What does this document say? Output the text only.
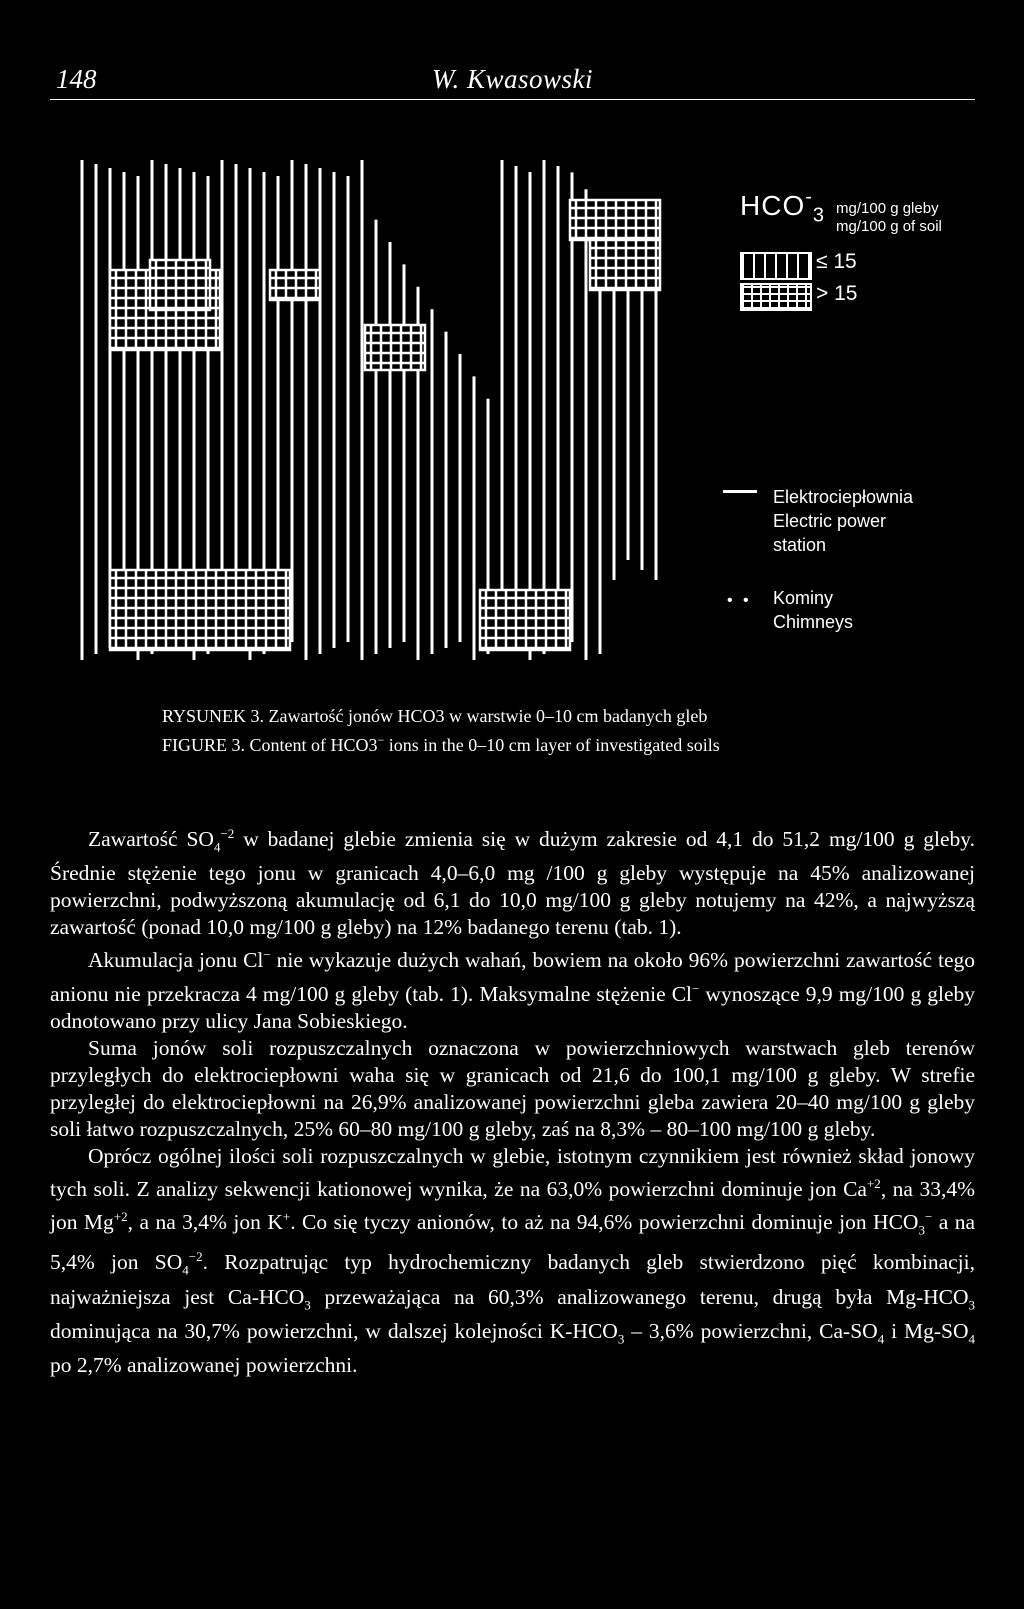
148	W. Kwasowski
$HCO^-_3$ mg/100 g gleby
mg/100 g of soil
≤ 15
> 15
Elektrociepłownia
Electric power
station
• • Kominy
Chimneys
RYSUNEK 3. Zawartość jonów HCO3 w warstwie 0–10 cm badanych gleb
FIGURE 3. Content of HCO3− ions in the 0–10 cm layer of investigated soils

Zawartość $SO_4^{-2}$ w badanej glebie zmienia się w dużym zakresie od 4,1 do 51,2 mg/100 g gleby. Średnie stężenie tego jonu w granicach 4,0–6,0 mg /100 g gleby występuje na 45% analizowanej powierzchni, podwyższoną akumulację od 6,1 do 10,0 mg/100 g gleby notujemy na 42%, a najwyższą zawartość (ponad 10,0 mg/100 g gleby) na 12% badanego terenu (tab. 1).

Akumulacja jonu Cl− nie wykazuje dużych wahań, bowiem na około 96% powierzchni zawartość tego anionu nie przekracza 4 mg/100 g gleby (tab. 1). Maksymalne stężenie Cl− wynoszące 9,9 mg/100 g gleby odnotowano przy ulicy Jana Sobieskiego.

Suma jonów soli rozpuszczalnych oznaczona w powierzchniowych warstwach gleb terenów przyległych do elektrociepłowni waha się w granicach od 21,6 do 100,1 mg/100 g gleby. W strefie przyległej do elektrociepłowni na 26,9% analizowanej powierzchni gleba zawiera 20–40 mg/100 g gleby soli łatwo rozpuszczalnych, 25% 60–80 mg/100 g gleby, zaś na 8,3% – 80–100 mg/100 g gleby.

Oprócz ogólnej ilości soli rozpuszczalnych w glebie, istotnym czynnikiem jest również skład jonowy tych soli. Z analizy sekwencji kationowej wynika, że na 63,0% powierzchni dominuje jon $Ca^{+2}$, na 33,4% jon $Mg^{+2}$, a na 3,4% jon K+. Co się tyczy anionów, to aż na 94,6% powierzchni dominuje jon $HCO_3^-$ a na 5,4% jon $SO_4^{-2}$. Rozpatrując typ hydrochemiczny badanych gleb stwierdzono pięć kombinacji, najważniejsza jest $Ca-HCO_3$ przeważająca na 60,3% analizowanego terenu, drugą była $Mg-HCO_3$ dominująca na 30,7% powierzchni, w dalszej kolejności $K-HCO_3 - 3,6\%$ powierzchni, $Ca-SO_4$ i $Mg-SO_4$ po 2,7% analizowanej powierzchni.
